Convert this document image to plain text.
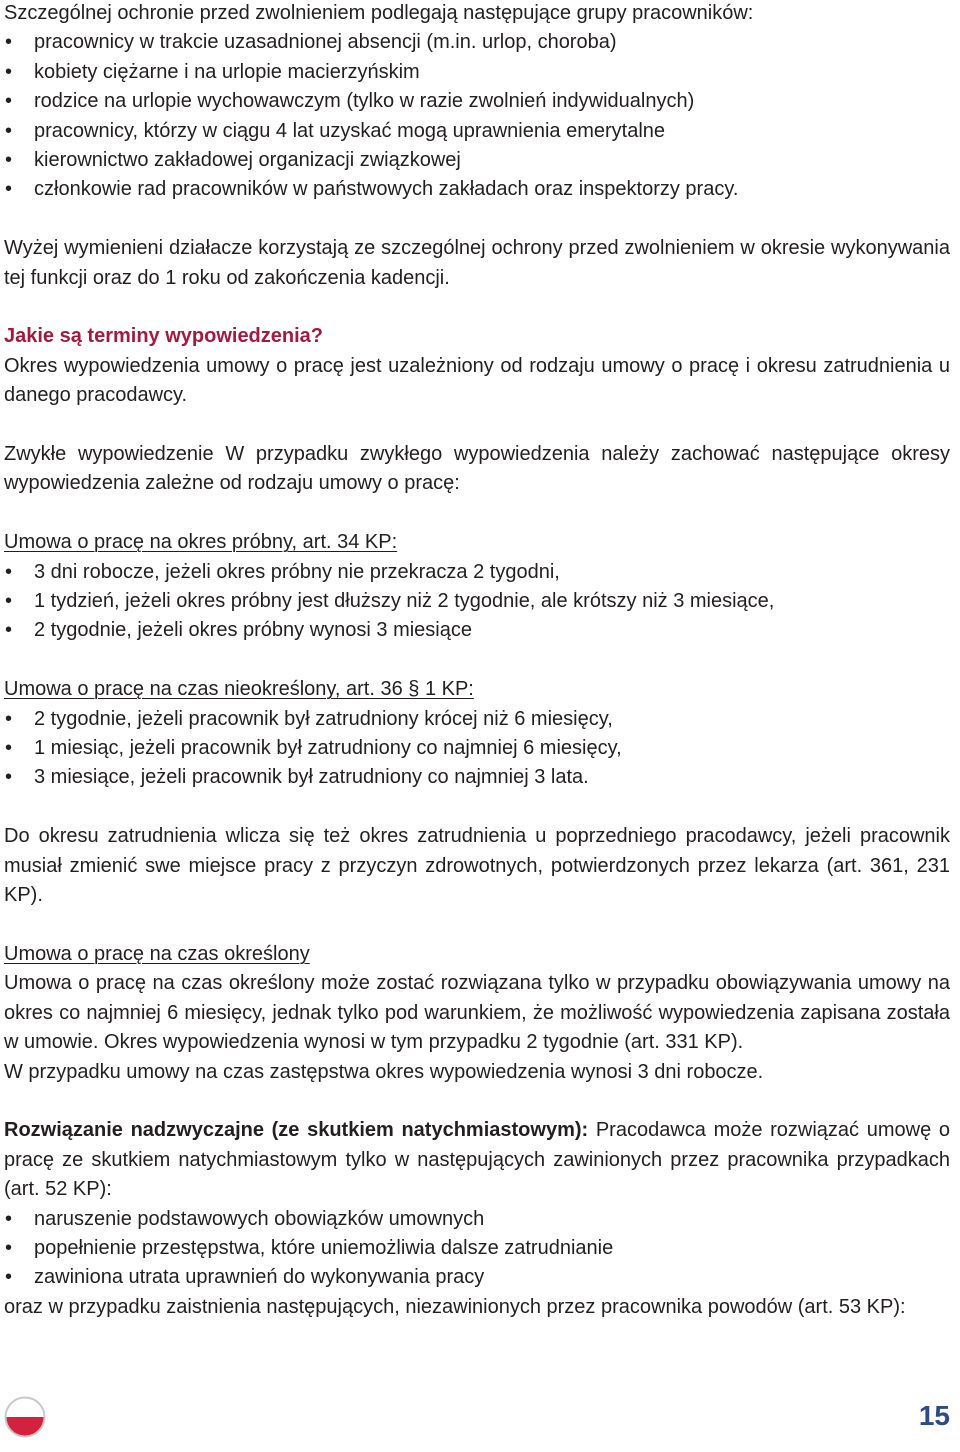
Szczególnej ochronie przed zwolnieniem podlegają następujące grupy pracowników:

• pracownicy w trakcie uzasadnionej absencji (m.in. urlop, choroba)
• kobiety ciężarne i na urlopie macierzyńskim
• rodzice na urlopie wychowawczym (tylko w razie zwolnień indywidualnych)
• pracownicy, którzy w ciągu 4 lat uzyskać mogą uprawnienia emerytalne
• kierownictwo zakładowej organizacji związkowej
• członkowie rad pracowników w państwowych zakładach oraz inspektorzy pracy.

Wyżej wymienieni działacze korzystają ze szczególnej ochrony przed zwolnieniem w okresie wykonywania tej funkcji oraz do 1 roku od zakończenia kadencji.

Jakie są terminy wypowiedzenia?

Okres wypowiedzenia umowy o pracę jest uzależniony od rodzaju umowy o pracę i okresu zatrudnienia u danego pracodawcy.

Zwykłe wypowiedzenie W przypadku zwykłego wypowiedzenia należy zachować następujące okresy wypowiedzenia zależne od rodzaju umowy o pracę:

Umowa o pracę na okres próbny, art. 34 KP:

• 3 dni robocze, jeżeli okres próbny nie przekracza 2 tygodni,
• 1 tydzień, jeżeli okres próbny jest dłuższy niż 2 tygodnie, ale krótszy niż 3 miesiące,
• 2 tygodnie, jeżeli okres próbny wynosi 3 miesiące

Umowa o pracę na czas nieokreślony, art. 36 § 1 KP:

• 2 tygodnie, jeżeli pracownik był zatrudniony krócej niż 6 miesięcy,
• 1 miesiąc, jeżeli pracownik był zatrudniony co najmniej 6 miesięcy,
• 3 miesiące, jeżeli pracownik był zatrudniony co najmniej 3 lata.

Do okresu zatrudnienia wlicza się też okres zatrudnienia u poprzedniego pracodawcy, jeżeli pracownik musiał zmienić swe miejsce pracy z przyczyn zdrowotnych, potwierdzonych przez lekarza (art. 361, 231 KP).

Umowa o pracę na czas określony

Umowa o pracę na czas określony może zostać rozwiązana tylko w przypadku obowiązywania umowy na okres co najmniej 6 miesięcy, jednak tylko pod warunkiem, że możliwość wypowiedzenia zapisana została w umowie. Okres wypowiedzenia wynosi w tym przypadku 2 tygodnie (art. 331 KP).

W przypadku umowy na czas zastępstwa okres wypowiedzenia wynosi 3 dni robocze.

Rozwiązanie nadzwyczajne (ze skutkiem natychmiastowym): Pracodawca może rozwiązać umowę o pracę ze skutkiem natychmiastowym tylko w następujących zawinionych przez pracownika przypadkach (art. 52 KP):

• naruszenie podstawowych obowiązków umownych
• popełnienie przestępstwa, które uniemożliwia dalsze zatrudnianie
• zawiniona utrata uprawnień do wykonywania pracy

oraz w przypadku zaistnienia następujących, niezawinionych przez pracownika powodów (art. 53 KP):

15
